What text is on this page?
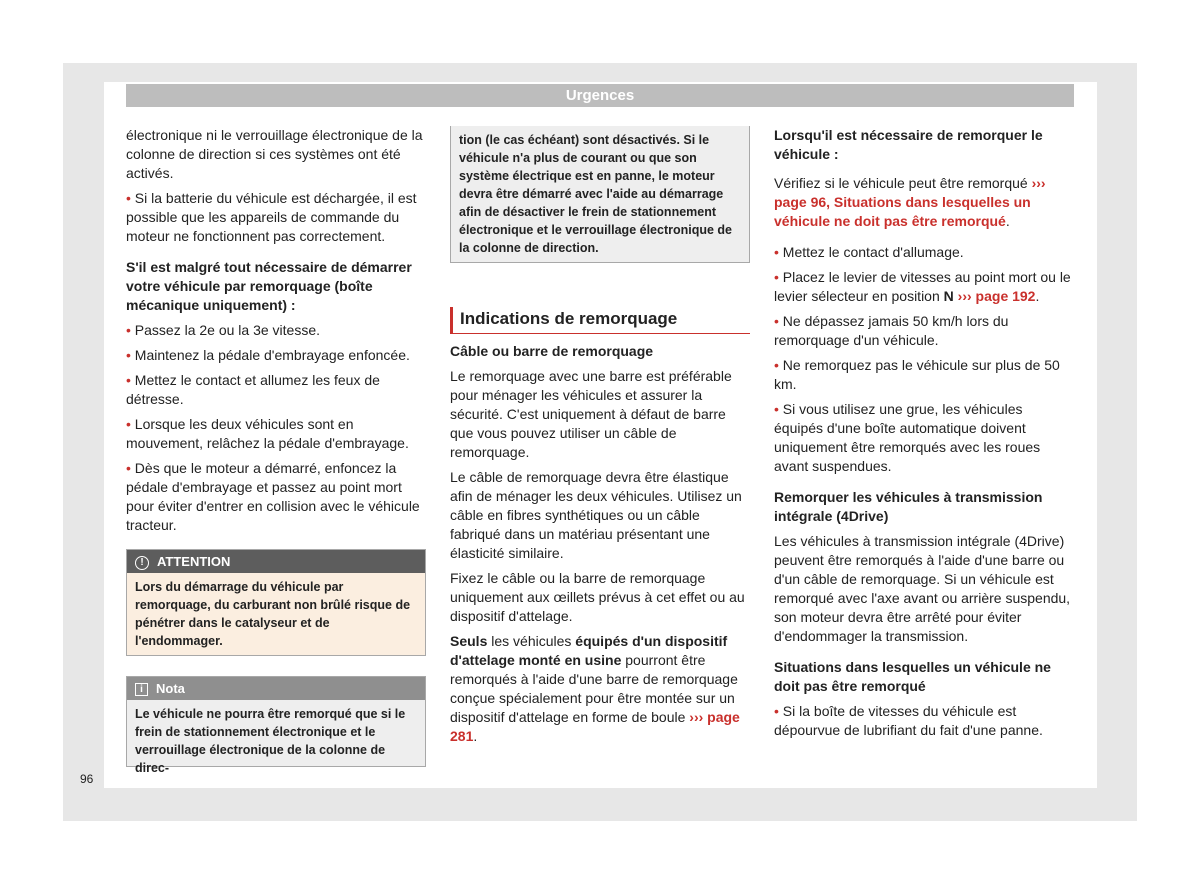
Urgences

électronique ni le verrouillage électronique de la colonne de direction si ces systèmes ont été activés.

• Si la batterie du véhicule est déchargée, il est possible que les appareils de commande du moteur ne fonctionnent pas correctement.

S'il est malgré tout nécessaire de démarrer votre véhicule par remorquage (boîte mécanique uniquement) :

• Passez la 2e ou la 3e vitesse.

• Maintenez la pédale d'embrayage enfoncée.

• Mettez le contact et allumez les feux de détresse.

• Lorsque les deux véhicules sont en mouvement, relâchez la pédale d'embrayage.

• Dès que le moteur a démarré, enfoncez la pédale d'embrayage et passez au point mort pour éviter d'entrer en collision avec le véhicule tracteur.

! ATTENTION
Lors du démarrage du véhicule par remorquage, du carburant non brûlé risque de pénétrer dans le catalyseur et de l'endommager.
i Nota
Le véhicule ne pourra être remorqué que si le frein de stationnement électronique et le verrouillage électronique de la colonne de direc-
tion (le cas échéant) sont désactivés. Si le véhicule n'a plus de courant ou que son système électrique est en panne, le moteur devra être démarré avec l'aide au démarrage afin de désactiver le frein de stationnement électronique et le verrouillage électronique de la colonne de direction.
Indications de remorquage

Câble ou barre de remorquage

Le remorquage avec une barre est préférable pour ménager les véhicules et assurer la sécurité. C'est uniquement à défaut de barre que vous pouvez utiliser un câble de remorquage.

Le câble de remorquage devra être élastique afin de ménager les deux véhicules. Utilisez un câble en fibres synthétiques ou un câble fabriqué dans un matériau présentant une élasticité similaire.

Fixez le câble ou la barre de remorquage uniquement aux œillets prévus à cet effet ou au dispositif d'attelage.

Seuls les véhicules équipés d'un dispositif d'attelage monté en usine pourront être remorqués à l'aide d'une barre de remorquage conçue spécialement pour être montée sur un dispositif d'attelage en forme de boule ››› page 281.

Lorsqu'il est nécessaire de remorquer le véhicule :

Vérifiez si le véhicule peut être remorqué ››› page 96, Situations dans lesquelles un véhicule ne doit pas être remorqué.

• Mettez le contact d'allumage.

• Placez le levier de vitesses au point mort ou le levier sélecteur en position N ››› page 192.

• Ne dépassez jamais 50 km/h lors du remorquage d'un véhicule.

• Ne remorquez pas le véhicule sur plus de 50 km.

• Si vous utilisez une grue, les véhicules équipés d'une boîte automatique doivent uniquement être remorqués avec les roues avant suspendues.

Remorquer les véhicules à transmission intégrale (4Drive)

Les véhicules à transmission intégrale (4Drive) peuvent être remorqués à l'aide d'une barre ou d'un câble de remorquage. Si un véhicule est remorqué avec l'axe avant ou arrière suspendu, son moteur devra être arrêté pour éviter d'endommager la transmission.

Situations dans lesquelles un véhicule ne doit pas être remorqué

• Si la boîte de vitesses du véhicule est dépourvue de lubrifiant du fait d'une panne.

96
